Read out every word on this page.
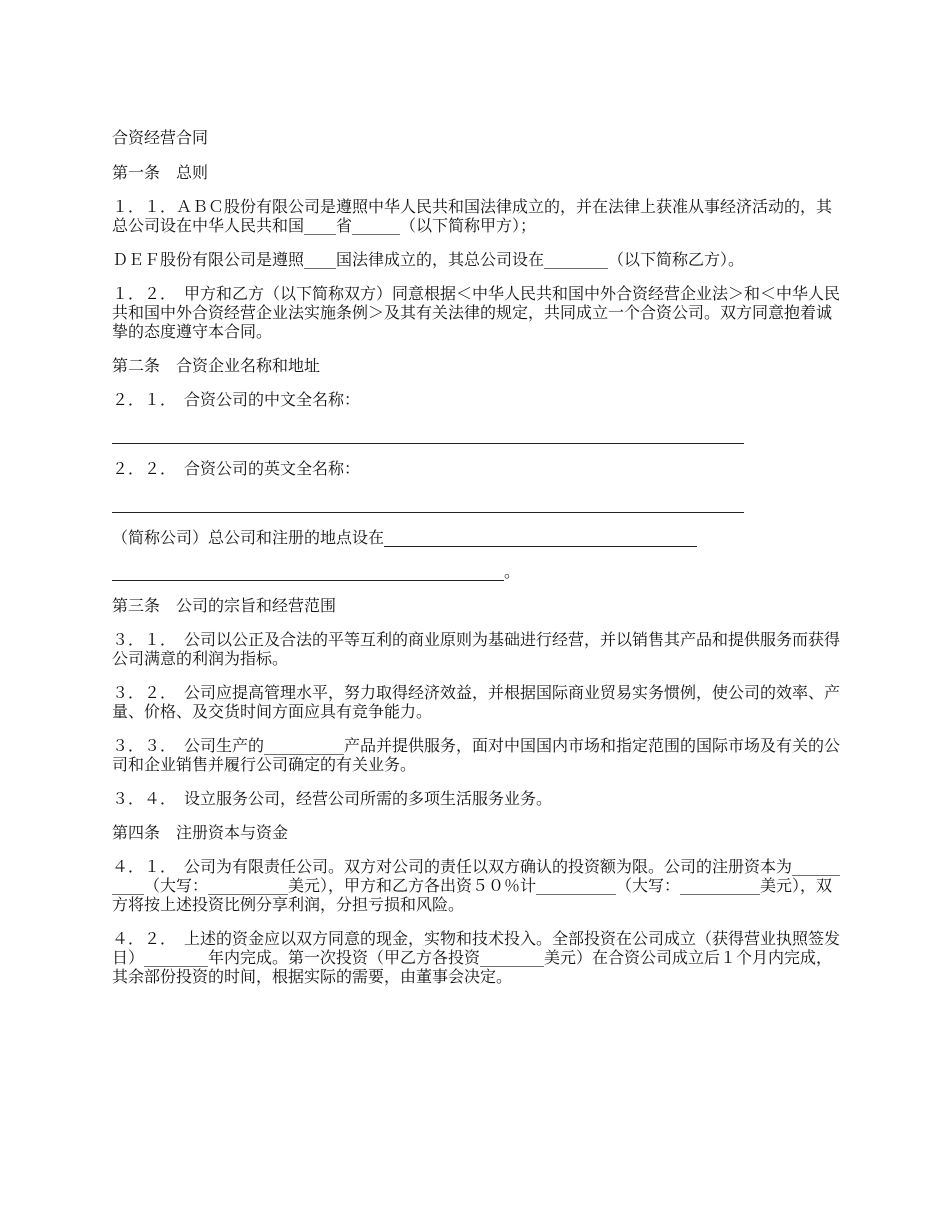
合资经营合同

第一条　总则

１．１．ＡＢＣ股份有限公司是遵照中华人民共和国法律成立的，并在法律上获准从事经济活动的，其总公司设在中华人民共和国____省______（以下简称甲方）；

ＤＥＦ股份有限公司是遵照____国法律成立的，其总公司设在________（以下简称乙方）。

１．２．　甲方和乙方（以下简称双方）同意根据＜中华人民共和国中外合资经营企业法＞和＜中华人民共和国中外合资经营企业法实施条例＞及其有关法律的规定，共同成立一个合资公司。双方同意抱着诚挚的态度遵守本合同。

第二条　合资企业名称和地址

２．１．　合资公司的中文全名称：

２．２．　合资公司的英文全名称：

（简称公司）总公司和注册的地点设在
。

第三条　公司的宗旨和经营范围

３．１．　公司以公正及合法的平等互利的商业原则为基础进行经营，并以销售其产品和提供服务而获得公司满意的利润为指标。

３．２．　公司应提高管理水平，努力取得经济效益，并根据国际商业贸易实务惯例，使公司的效率、产量、价格、及交货时间方面应具有竞争能力。

３．３．　公司生产的__________产品并提供服务，面对中国国内市场和指定范围的国际市场及有关的公司和企业销售并履行公司确定的有关业务。

３．４．　设立服务公司，经营公司所需的多项生活服务业务。

第四条　注册资本与资金

４．１．　公司为有限责任公司。双方对公司的责任以双方确认的投资额为限。公司的注册资本为__________（大写：__________美元），甲方和乙方各出资５０％计__________（大写：__________美元），双方将按上述投资比例分享利润，分担亏损和风险。

４．２．　上述的资金应以双方同意的现金，实物和技术投入。全部投资在公司成立（获得营业执照签发日）________年内完成。第一次投资（甲乙方各投资________美元）在合资公司成立后１个月内完成，其余部份投资的时间，根据实际的需要，由董事会决定。
